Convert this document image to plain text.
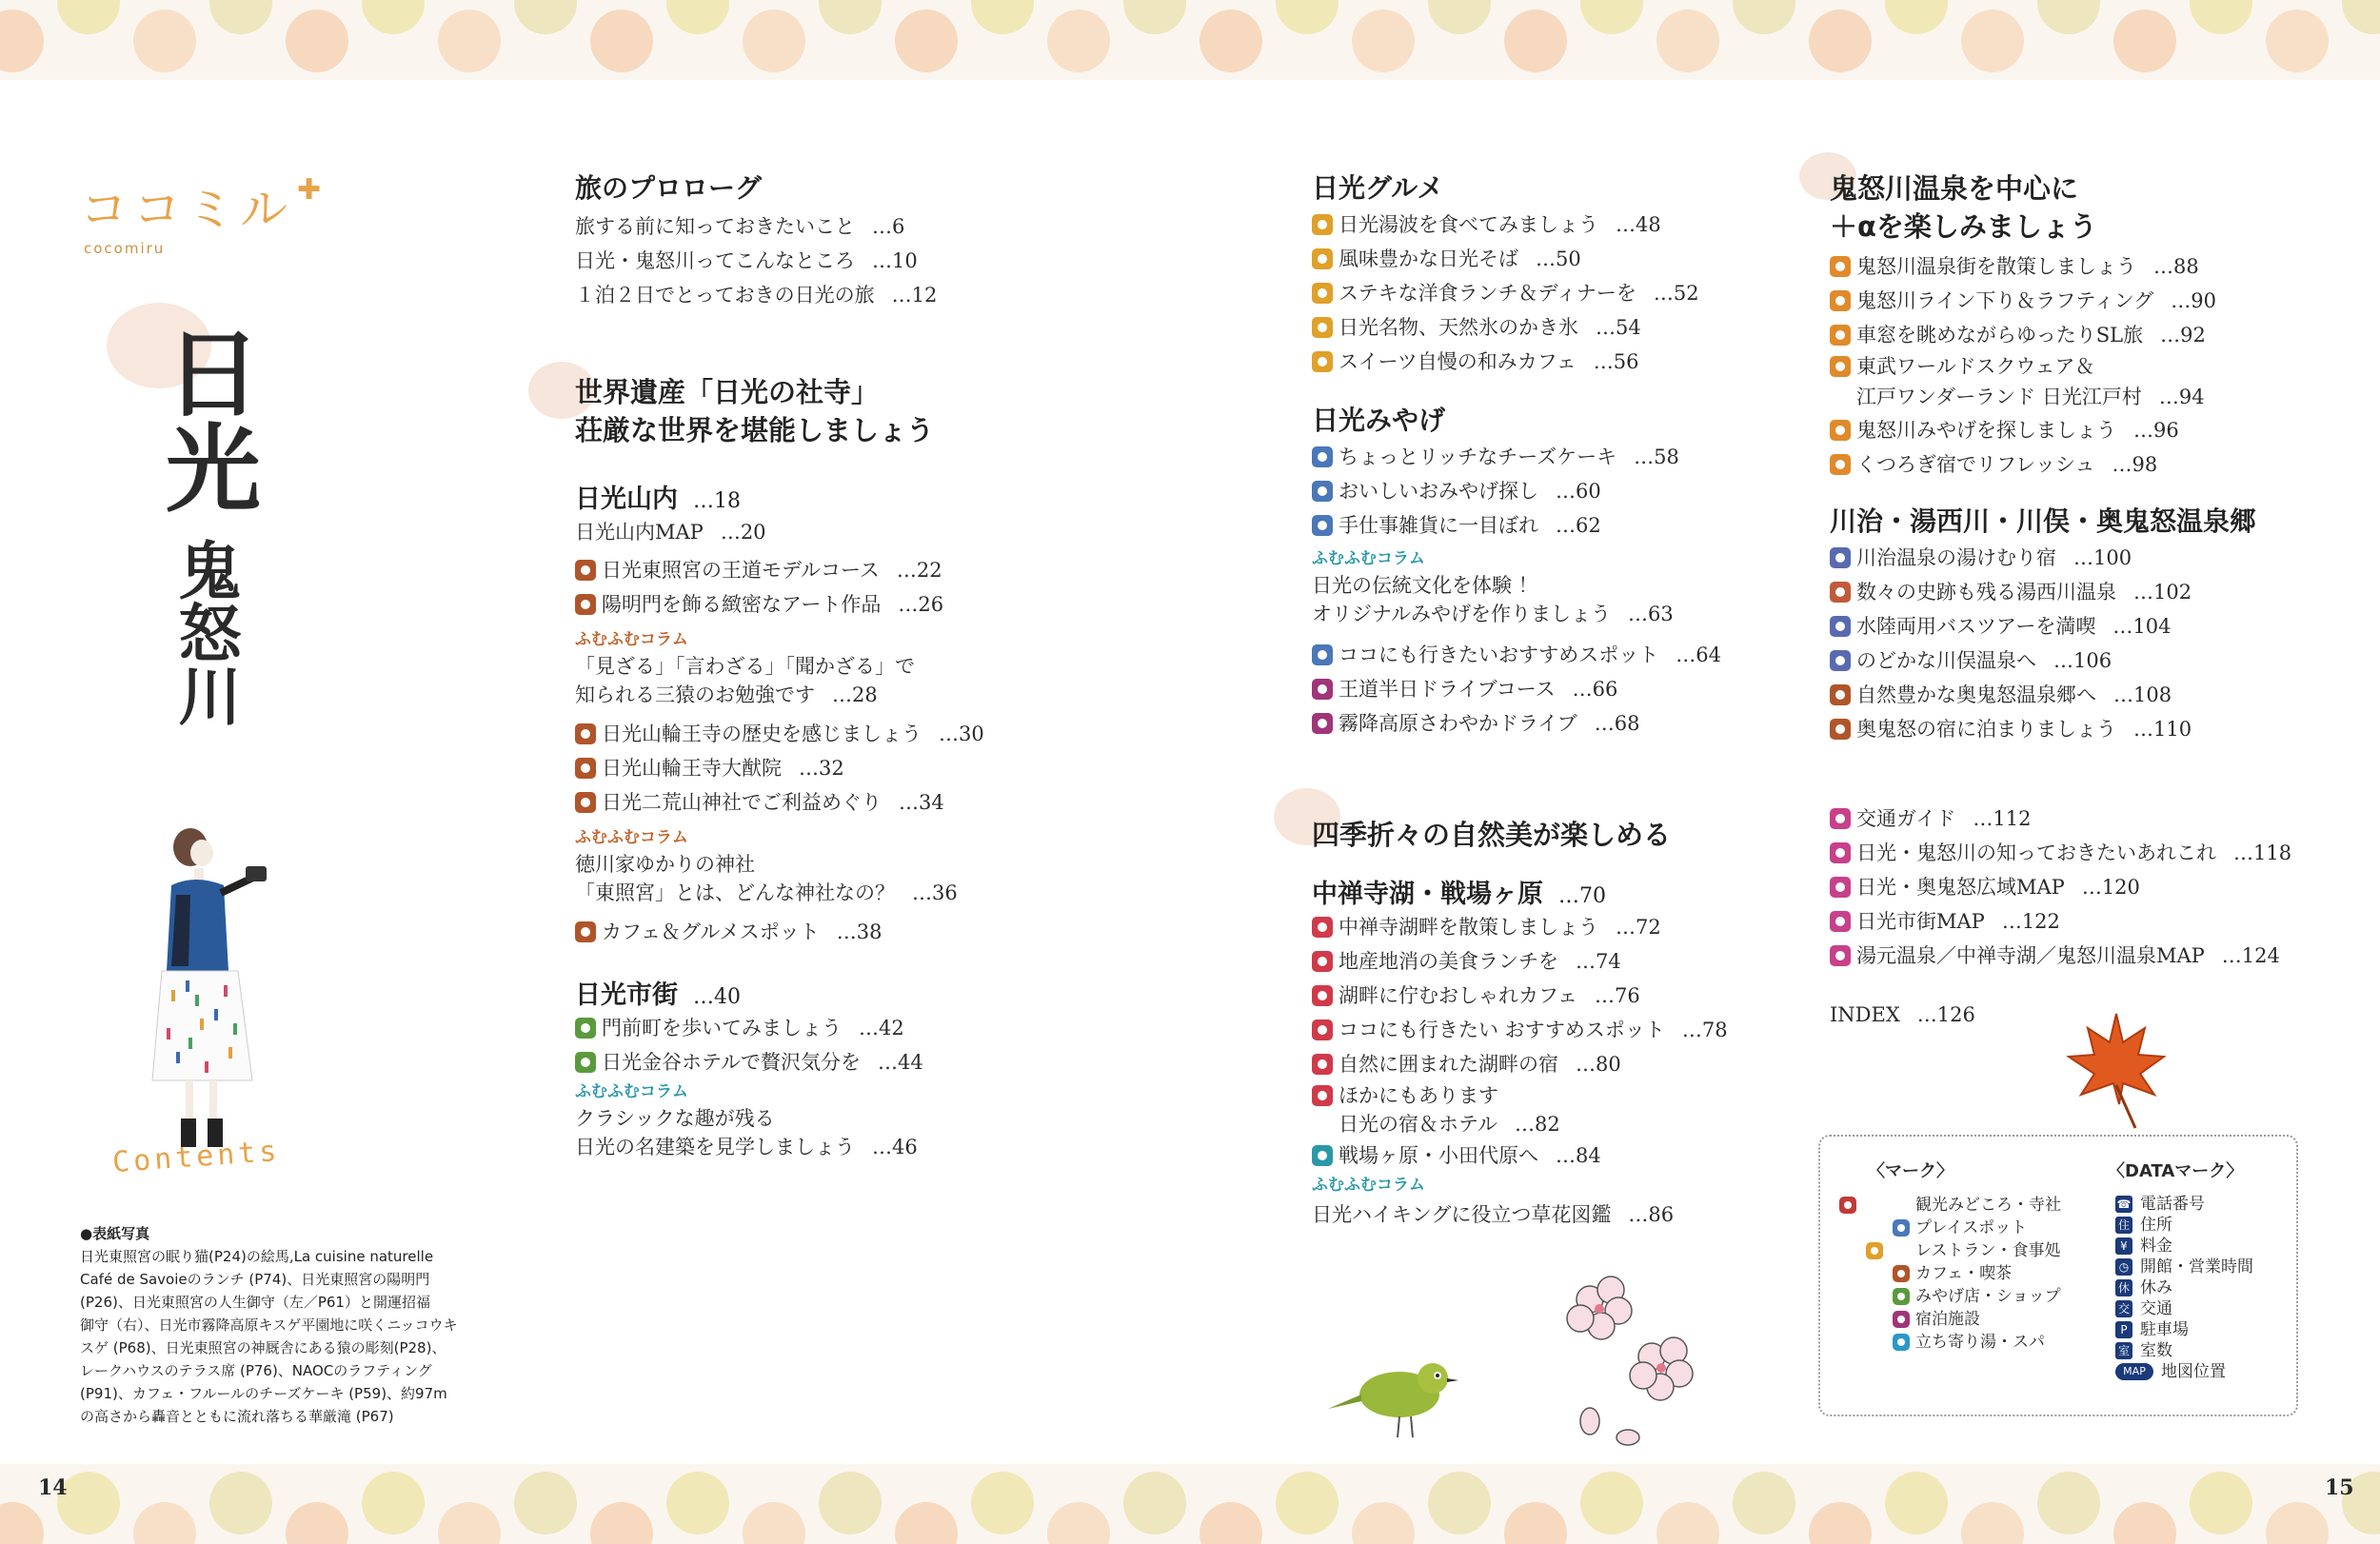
14	15
ココミル
cocomiru
✚
日光
鬼怒川
Contents
●表紙写真
日光東照宮の眠り猫(P24)の絵馬,La cuisine naturelle
Café de Savoieのランチ (P74)、日光東照宮の陽明門
(P26)、日光東照宮の人生御守（左／P61）と開運招福
御守（右）、日光市霧降高原キスゲ平園地に咲くニッコウキ
スゲ (P68)、日光東照宮の神厩舎にある猿の彫刻(P28)、
レークハウスのテラス席 (P76)、NAOCのラフティング
(P91)、カフェ・フルールのチーズケーキ (P59)、約97m
の高さから轟音とともに流れ落ちる華厳滝 (P67)
旅のプロローグ
旅する前に知っておきたいこと …6
日光・鬼怒川ってこんなところ …10
１泊２日でとっておきの日光の旅 …12
世界遺産「日光の社寺」
荘厳な世界を堪能しましょう
日光山内 …18
日光山内MAP …20
日光東照宮の王道モデルコース …22
陽明門を飾る緻密なアート作品 …26
ふむふむコラム
「見ざる」「言わざる」「聞かざる」で
知られる三猿のお勉強です …28
日光山輪王寺の歴史を感じましょう …30
日光山輪王寺大猷院 …32
日光二荒山神社でご利益めぐり …34
ふむふむコラム
徳川家ゆかりの神社
「東照宮」とは、どんな神社なの？ …36
カフェ＆グルメスポット …38
日光市街 …40
門前町を歩いてみましょう …42
日光金谷ホテルで贅沢気分を …44
ふむふむコラム
クラシックな趣が残る
日光の名建築を見学しましょう …46
日光グルメ
日光湯波を食べてみましょう …48
風味豊かな日光そば …50
ステキな洋食ランチ＆ディナーを …52
日光名物、天然氷のかき氷 …54
スイーツ自慢の和みカフェ …56
日光みやげ
ちょっとリッチなチーズケーキ …58
おいしいおみやげ探し …60
手仕事雑貨に一目ぼれ …62
ふむふむコラム
日光の伝統文化を体験 ！
オリジナルみやげを作りましょう …63
ココにも行きたいおすすめスポット …64
王道半日ドライブコース …66
霧降高原さわやかドライブ …68
四季折々の自然美が楽しめる
中禅寺湖・戦場ヶ原 …70
中禅寺湖畔を散策しましょう …72
地産地消の美食ランチを …74
湖畔に佇むおしゃれカフェ …76
ココにも行きたい おすすめスポット …78
自然に囲まれた湖畔の宿 …80
ほかにもあります
日光の宿＆ホテル …82
戦場ヶ原・小田代原へ …84
ふむふむコラム
日光ハイキングに役立つ草花図鑑 …86
鬼怒川温泉を中心に
＋αを楽しみましょう
鬼怒川温泉街を散策しましょう …88
鬼怒川ライン下り＆ラフティング …90
車窓を眺めながらゆったりSL旅 …92
東武ワールドスクウェア＆
江戸ワンダーランド 日光江戸村 …94
鬼怒川みやげを探しましょう …96
くつろぎ宿でリフレッシュ …98
川治・湯西川・川俣・奥鬼怒温泉郷
川治温泉の湯けむり宿 …100
数々の史跡も残る湯西川温泉 …102
水陸両用バスツアーを満喫 …104
のどかな川俣温泉へ …106
自然豊かな奥鬼怒温泉郷へ …108
奥鬼怒の宿に泊まりましょう …110
交通ガイド …112
日光・鬼怒川の知っておきたいあれこれ …118
日光・奥鬼怒広域MAP …120
日光市街MAP …122
湯元温泉／中禅寺湖／鬼怒川温泉MAP …124
INDEX …126
〈マーク〉	〈DATAマーク〉
観光みどころ・寺社
プレイスポット
レストラン・食事処
カフェ・喫茶
みやげ店・ショップ
宿泊施設
立ち寄り湯・スパ
☎ 電話番号
住 住所
¥ 料金
◷ 開館・営業時間
休 休み
交 交通
P 駐車場
室 室数
MAP 地図位置
